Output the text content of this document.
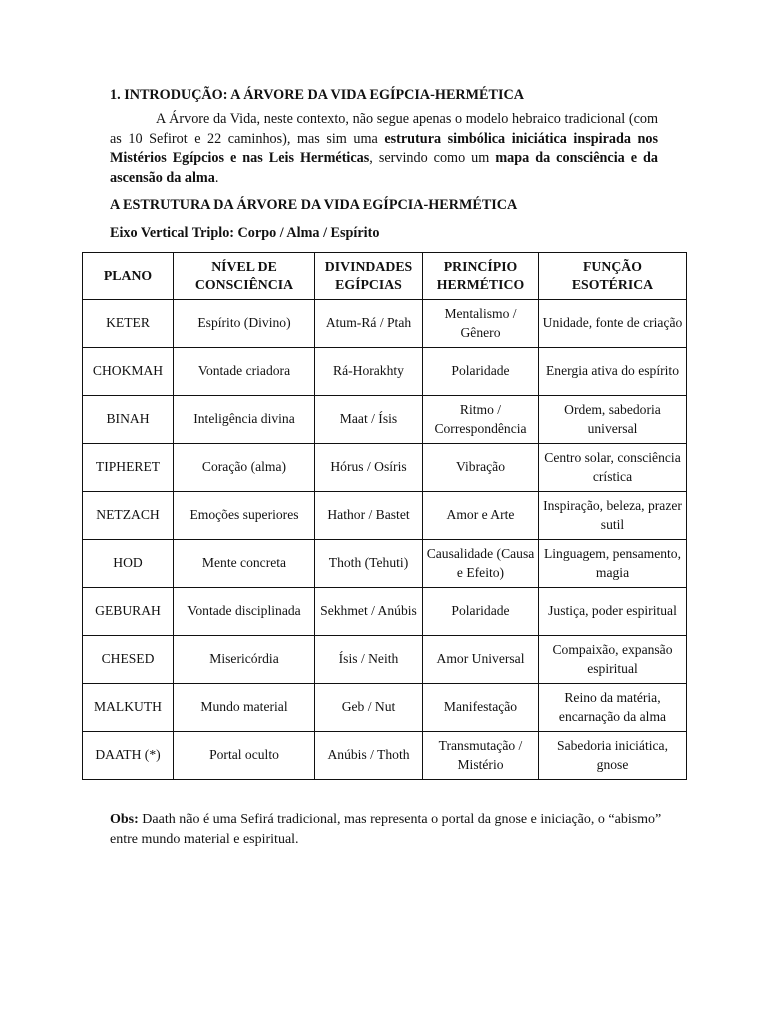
1. INTRODUÇÃO: A ÁRVORE DA VIDA EGÍPCIA-HERMÉTICA

A Árvore da Vida, neste contexto, não segue apenas o modelo hebraico tradicional (com as 10 Sefirot e 22 caminhos), mas sim uma estrutura simbólica iniciática inspirada nos Mistérios Egípcios e nas Leis Herméticas, servindo como um mapa da consciência e da ascensão da alma.

A ESTRUTURA DA ÁRVORE DA VIDA EGÍPCIA-HERMÉTICA
Eixo Vertical Triplo: Corpo / Alma / Espírito
PLANO	NÍVEL DE CONSCIÊNCIA	DIVINDADES EGÍPCIAS	PRINCÍPIO HERMÉTICO	FUNÇÃO ESOTÉRICA
KETER	Espírito (Divino)	Atum-Rá / Ptah	Mentalismo / Gênero	Unidade, fonte de criação
CHOKMAH	Vontade criadora	Rá-Horakhty	Polaridade	Energia ativa do espírito
BINAH	Inteligência divina	Maat / Ísis	Ritmo / Correspondência	Ordem, sabedoria universal
TIPHERET	Coração (alma)	Hórus / Osíris	Vibração	Centro solar, consciência crística
NETZACH	Emoções superiores	Hathor / Bastet	Amor e Arte	Inspiração, beleza, prazer sutil
HOD	Mente concreta	Thoth (Tehuti)	Causalidade (Causa e Efeito)	Linguagem, pensamento, magia
GEBURAH	Vontade disciplinada	Sekhmet / Anúbis	Polaridade	Justiça, poder espiritual
CHESED	Misericórdia	Ísis / Neith	Amor Universal	Compaixão, expansão espiritual
MALKUTH	Mundo material	Geb / Nut	Manifestação	Reino da matéria, encarnação da alma
DAATH (*)	Portal oculto	Anúbis / Thoth	Transmutação / Mistério	Sabedoria iniciática, gnose

Obs: Daath não é uma Sefirá tradicional, mas representa o portal da gnose e iniciação, o “abismo” entre mundo material e espiritual.
